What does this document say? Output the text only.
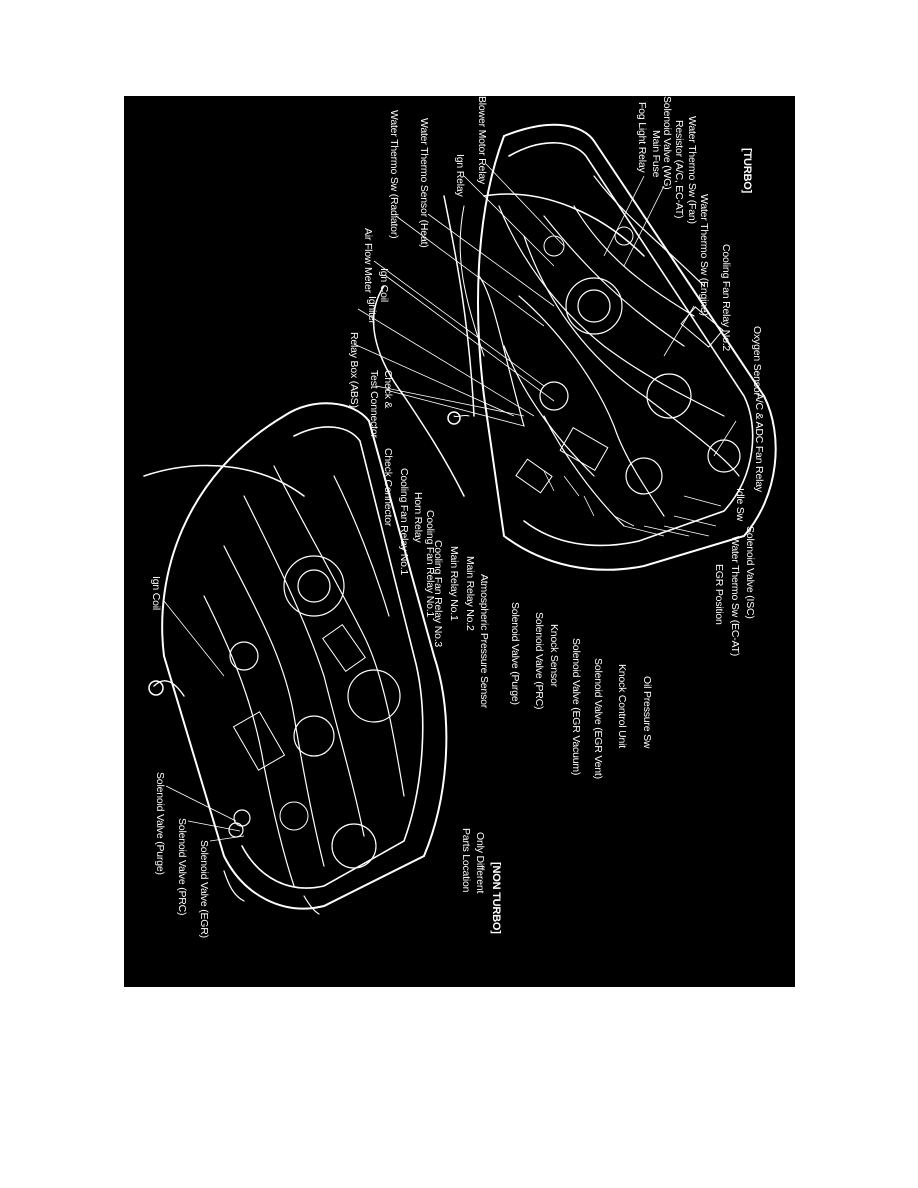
[TURBO]
Fog Light Relay Main Fuse Solenoid Valve (WG) Resistor (A/C, EC-AT) Water Thermo Sw (Fan)
Water Thermo Sw (Engine) Cooling Fan Relay No.2
Oxygen Sensor
A/C & ADC Fan Relay
Idle Sw
Solenoid Valve (ISC)
Water Thermo Sw (EC-AT)
EGR Position
Oil Pressure Sw
Knock Control Unit
Solenoid Valve (EGR Vent)
Solenoid Valve (EGR Vacuum)
Knock Sensor
Solenoid Valve (PRC)
Solenoid Valve (Purge)
Atmospheric Pressure Sensor
Main Relay No.2
Main Relay No.1
Cooling Fan Relay No.3
Cooling Fan Relay No.1
Horn Relay
Cooling Fan Relay No.1
Check Connector
Check &
Test Connector
Relay Box (ABS)
Igniter
Ign Coil
Air Flow Meter
Water Thermo Sensor (Heat)
Water Thermo Sw (Radiator)	Ign Relay Blower Motor Relay
[NON TURBO]
Only Different
Parts Location
Ign Coil
Solenoid Valve (Purge) Solenoid Valve (PRC) Solenoid Valve (EGR)
